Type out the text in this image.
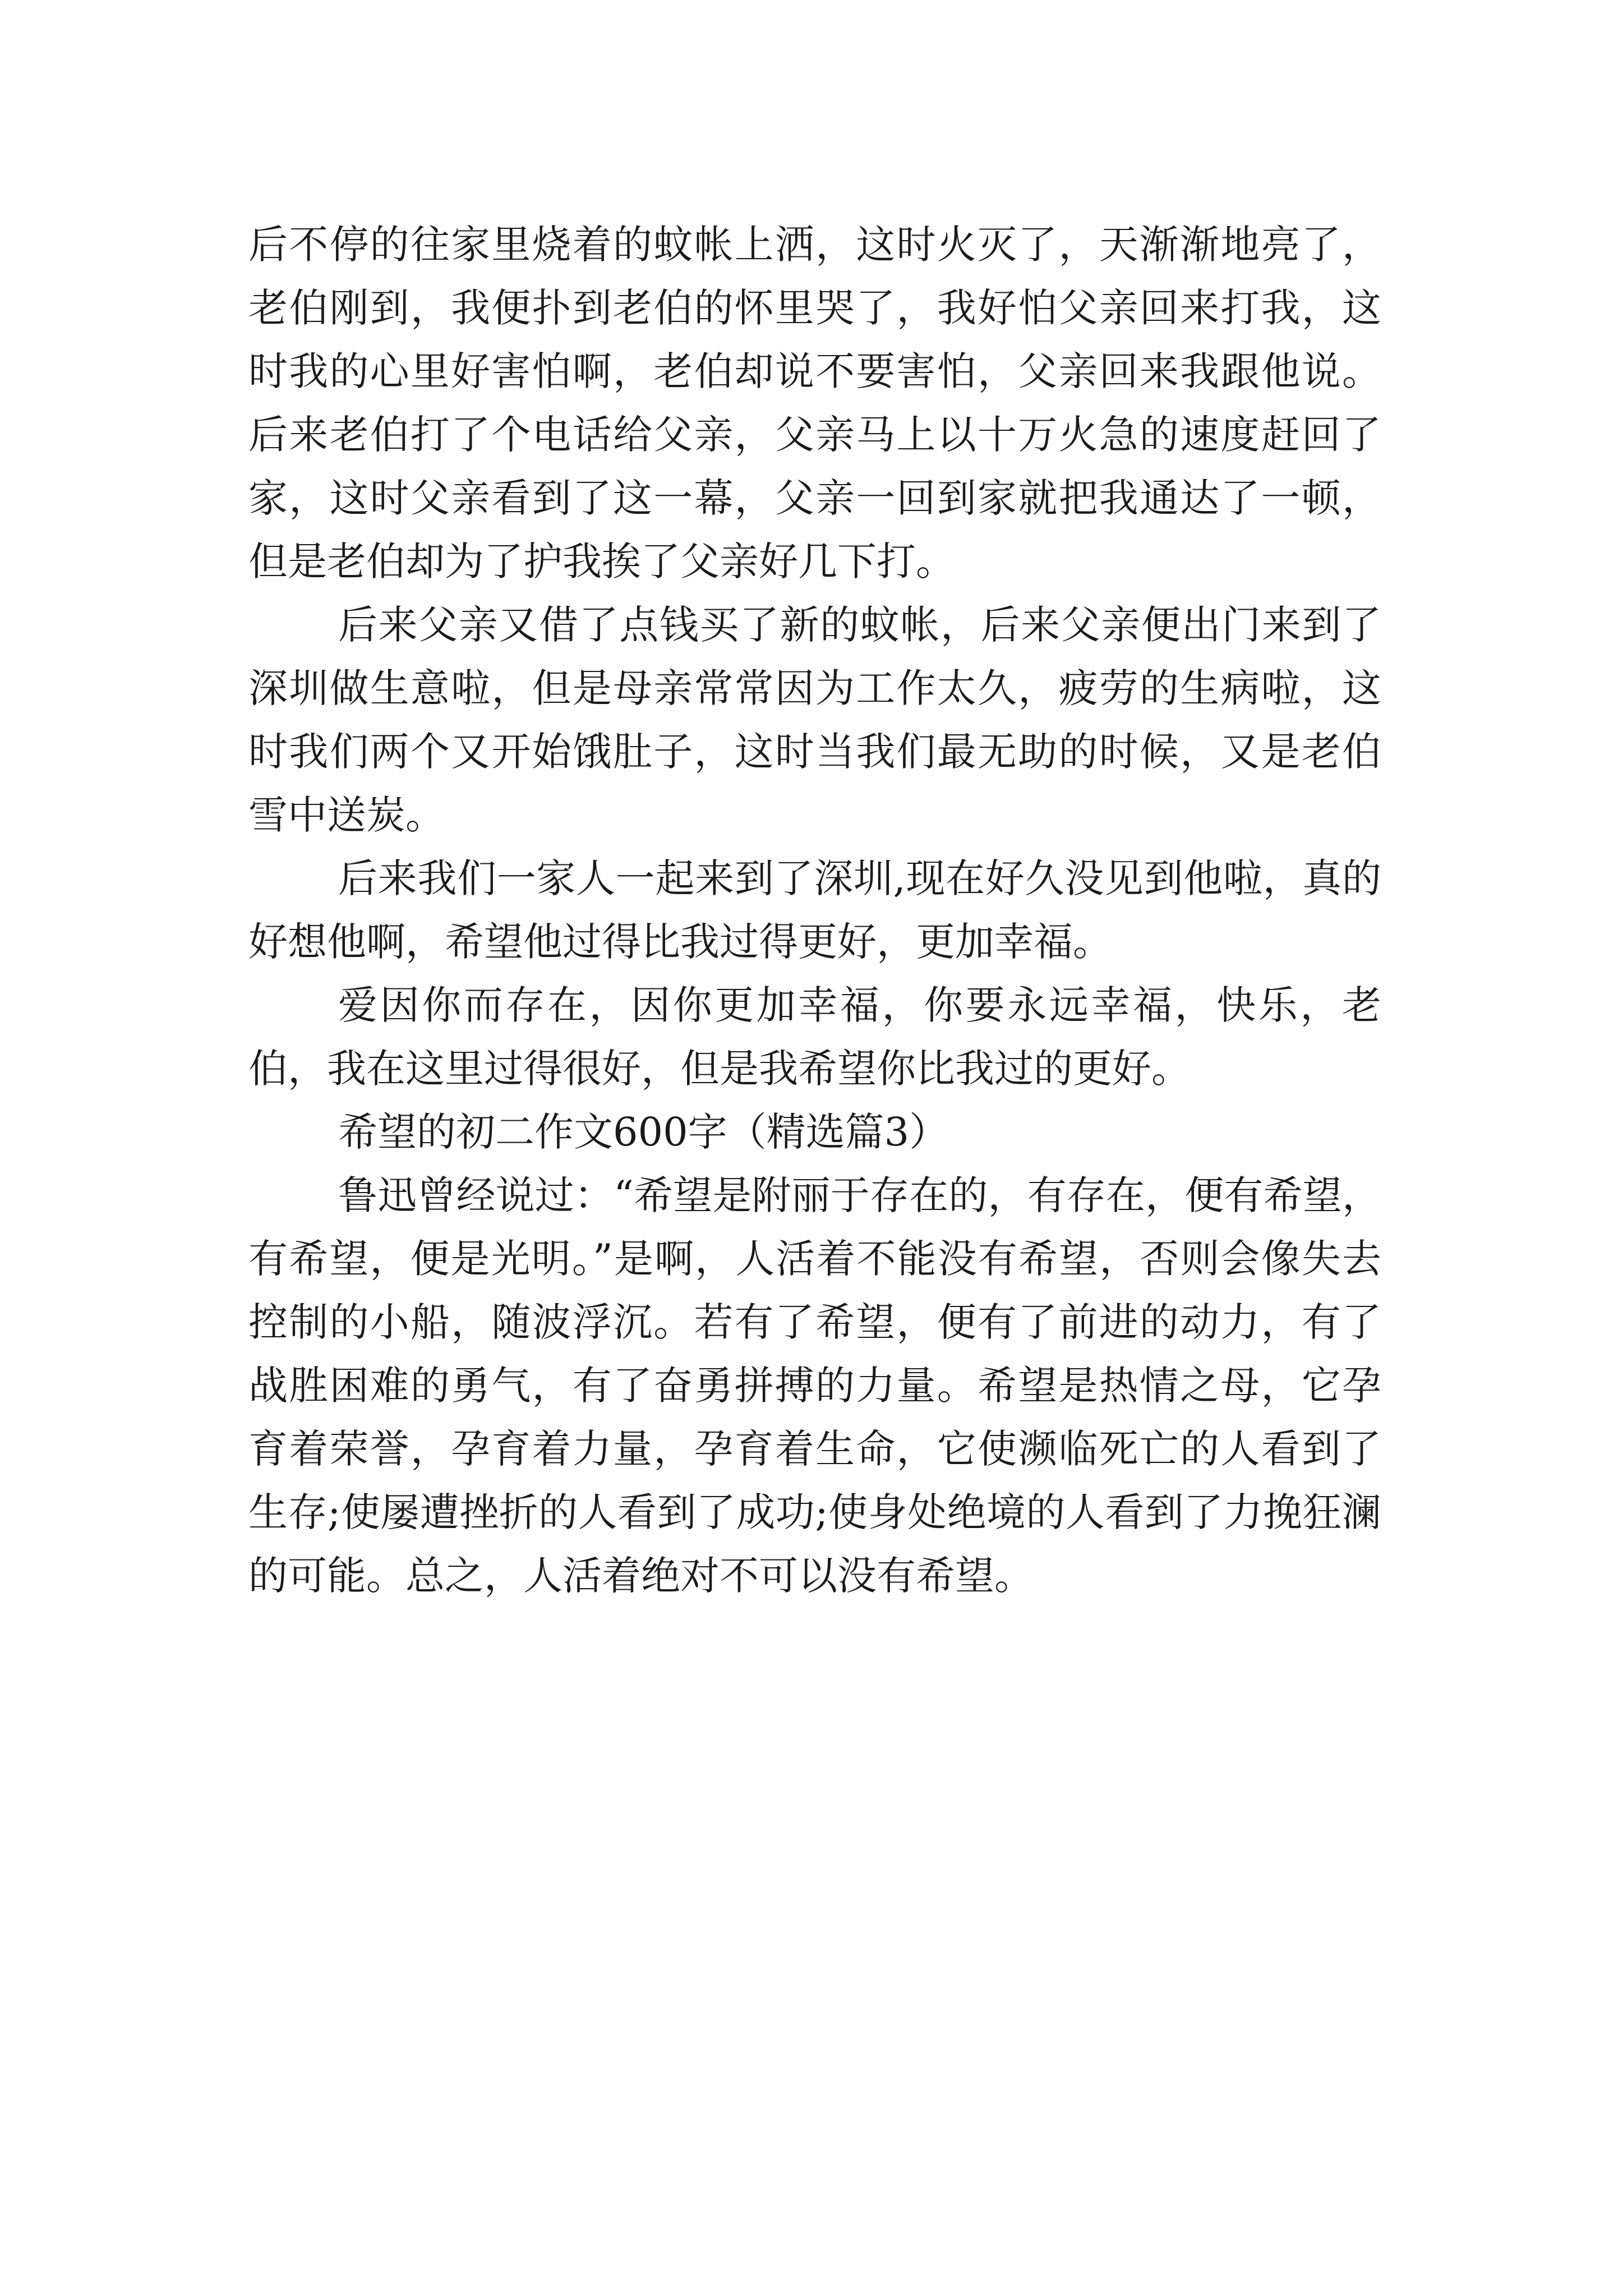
后不停的往家里烧着的蚊帐上洒，这时火灭了，天渐渐地亮了，老伯刚到，我便扑到老伯的怀里哭了，我好怕父亲回来打我，这时我的心里好害怕啊，老伯却说不要害怕，父亲回来我跟他说。后来老伯打了个电话给父亲，父亲马上以十万火急的速度赶回了家，这时父亲看到了这一幕，父亲一回到家就把我通达了一顿，但是老伯却为了护我挨了父亲好几下打。

后来父亲又借了点钱买了新的蚊帐，后来父亲便出门来到了深圳做生意啦，但是母亲常常因为工作太久，疲劳的生病啦，这时我们两个又开始饿肚子，这时当我们最无助的时候，又是老伯雪中送炭。

后来我们一家人一起来到了深圳,现在好久没见到他啦，真的好想他啊，希望他过得比我过得更好，更加幸福。

爱因你而存在，因你更加幸福，你要永远幸福，快乐，老伯，我在这里过得很好，但是我希望你比我过的更好。

希望的初二作文600字（精选篇3）

鲁迅曾经说过：“希望是附丽于存在的，有存在，便有希望，有希望，便是光明。”是啊，人活着不能没有希望，否则会像失去控制的小船，随波浮沉。若有了希望，便有了前进的动力，有了战胜困难的勇气，有了奋勇拼搏的力量。希望是热情之母，它孕育着荣誉，孕育着力量，孕育着生命，它使濒临死亡的人看到了生存;使屡遭挫折的人看到了成功;使身处绝境的人看到了力挽狂澜的可能。总之，人活着绝对不可以没有希望。
